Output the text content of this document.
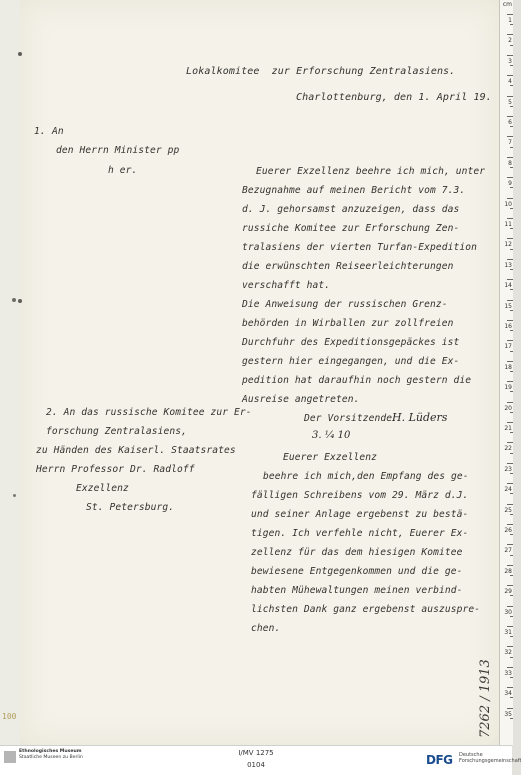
100
Lokalkomitee  zur Erforschung Zentralasiens.
Charlottenburg, den 1. April 19.
1. An
den Herrn Minister pp
h er.	Euerer Exzellenz beehre ich mich, unter
Bezugnahme auf meinen Bericht vom 7.3.
d. J. gehorsamst anzuzeigen, dass das
russiche Komitee zur Erforschung Zen-
tralasiens der vierten Turfan-Expedition
die erwünschten Reiseerleichterungen
verschafft hat.
Die Anweisung der russischen Grenz-
behörden in Wirballen zur zollfreien
Durchfuhr des Expeditionsgepäckes ist
gestern hier eingegangen, und die Ex-
pedition hat daraufhin noch gestern die
Ausreise angetreten.
Der Vorsitzende H. Lüders
3. ¹⁄₄ 10
2. An das russische Komitee zur Er-
forschung Zentralasiens,
zu Händen des Kaiserl. Staatsrates
Herrn Professor Dr. Radloff
Exzellenz
St. Petersburg.
Euerer Exzellenz
beehre ich mich,den Empfang des ge-
fälligen Schreibens vom 29. März d.J.
und seiner Anlage ergebenst zu bestä-
tigen. Ich verfehle nicht, Euerer Ex-
zellenz für das dem hiesigen Komitee
bewiesene Entgegenkommen und die ge-
habten Mühewaltungen meinen verbind-
lichsten Dank ganz ergebenst auszuspre-
chen.
7262 / 1913
cm
1
2
3
4
5
6
7
8
9
10
11
12
13
14
15
16
17
18
19
20
21
22
23
24
25
26
27
28
29
30
31
32
33
34
35
Ethnologisches Museum
Staatliche Museen zu Berlin
I/MV 1275
0104	DFG Deutsche
Forschungsgemeinschaft
